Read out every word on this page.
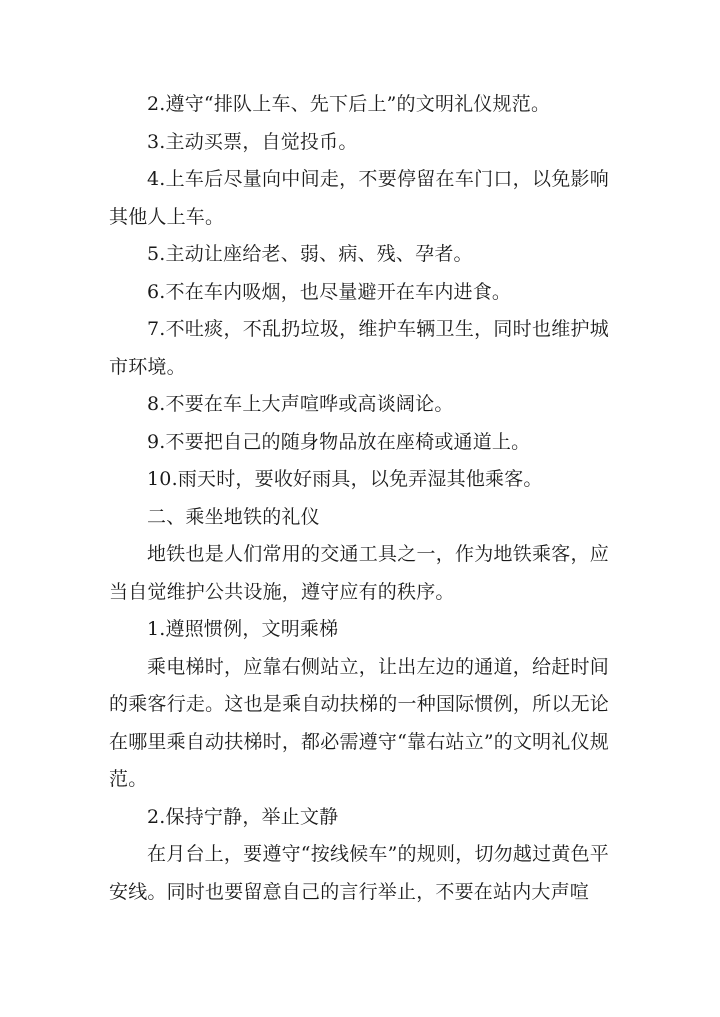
2.遵守“排队上车、先下后上”的文明礼仪规范。

3.主动买票，自觉投币。

4.上车后尽量向中间走，不要停留在车门口，以免影响其他人上车。

5.主动让座给老、弱、病、残、孕者。

6.不在车内吸烟，也尽量避开在车内进食。

7.不吐痰，不乱扔垃圾，维护车辆卫生，同时也维护城市环境。

8.不要在车上大声喧哗或高谈阔论。

9.不要把自己的随身物品放在座椅或通道上。

10.雨天时，要收好雨具，以免弄湿其他乘客。

二、乘坐地铁的礼仪

地铁也是人们常用的交通工具之一，作为地铁乘客，应当自觉维护公共设施，遵守应有的秩序。

1.遵照惯例，文明乘梯

乘电梯时，应靠右侧站立，让出左边的通道，给赶时间的乘客行走。这也是乘自动扶梯的一种国际惯例，所以无论在哪里乘自动扶梯时，都必需遵守“靠右站立”的文明礼仪规范。

2.保持宁静，举止文静

在月台上，要遵守“按线候车”的规则，切勿越过黄色平安线。同时也要留意自己的言行举止，不要在站内大声喧
